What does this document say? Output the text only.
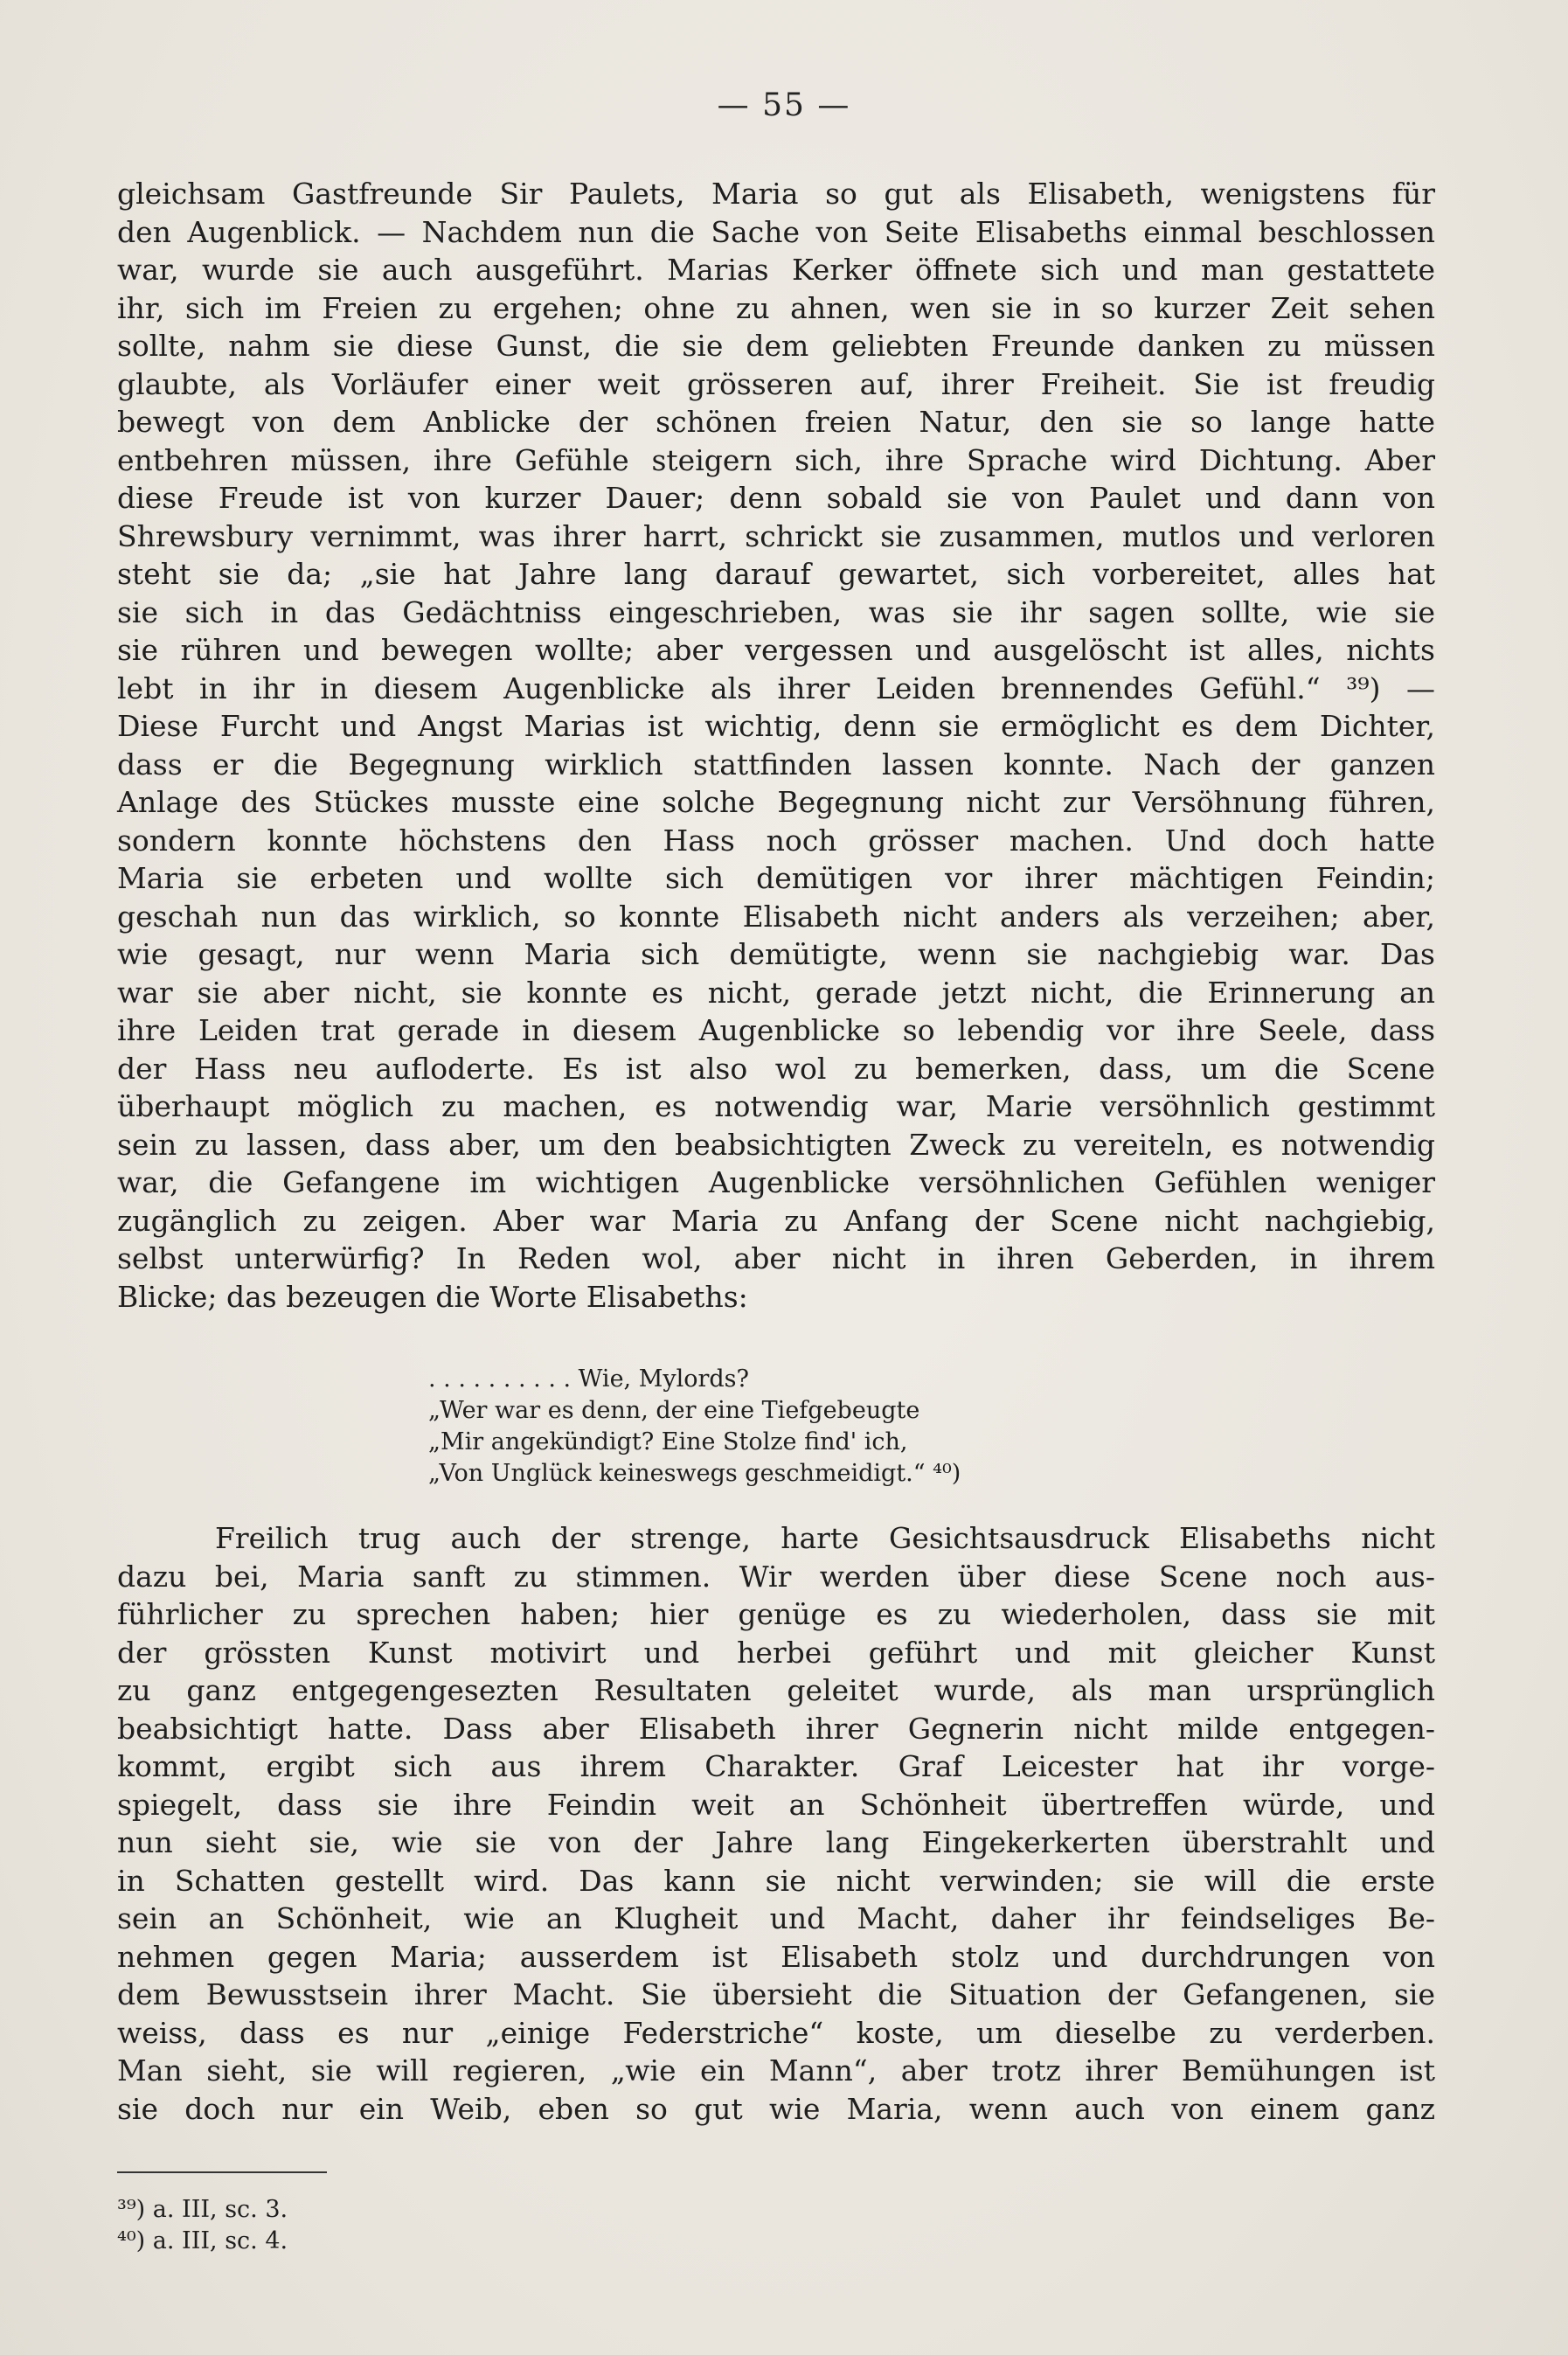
— 55 —
gleichsam Gastfreunde Sir Paulets, Maria so gut als Elisabeth, wenigstens für
den Augenblick. — Nachdem nun die Sache von Seite Elisabeths einmal beschlossen
war, wurde sie auch ausgeführt. Marias Kerker öffnete sich und man gestattete
ihr, sich im Freien zu ergehen; ohne zu ahnen, wen sie in so kurzer Zeit sehen
sollte, nahm sie diese Gunst, die sie dem geliebten Freunde danken zu müssen
glaubte, als Vorläufer einer weit grösseren auf, ihrer Freiheit. Sie ist freudig
bewegt von dem Anblicke der schönen freien Natur, den sie so lange hatte
entbehren müssen, ihre Gefühle steigern sich, ihre Sprache wird Dichtung. Aber
diese Freude ist von kurzer Dauer; denn sobald sie von Paulet und dann von
Shrewsbury vernimmt, was ihrer harrt, schrickt sie zusammen, mutlos und verloren
steht sie da; „sie hat Jahre lang darauf gewartet, sich vorbereitet, alles hat
sie sich in das Gedächtniss eingeschrieben, was sie ihr sagen sollte, wie sie
sie rühren und bewegen wollte; aber vergessen und ausgelöscht ist alles, nichts
lebt in ihr in diesem Augenblicke als ihrer Leiden brennendes Gefühl.“ ³⁹) —
Diese Furcht und Angst Marias ist wichtig, denn sie ermöglicht es dem Dichter,
dass er die Begegnung wirklich stattfinden lassen konnte. Nach der ganzen
Anlage des Stückes musste eine solche Begegnung nicht zur Versöhnung führen,
sondern konnte höchstens den Hass noch grösser machen. Und doch hatte
Maria sie erbeten und wollte sich demütigen vor ihrer mächtigen Feindin;
geschah nun das wirklich, so konnte Elisabeth nicht anders als verzeihen; aber,
wie gesagt, nur wenn Maria sich demütigte, wenn sie nachgiebig war. Das
war sie aber nicht, sie konnte es nicht, gerade jetzt nicht, die Erinnerung an
ihre Leiden trat gerade in diesem Augenblicke so lebendig vor ihre Seele, dass
der Hass neu aufloderte. Es ist also wol zu bemerken, dass, um die Scene
überhaupt möglich zu machen, es notwendig war, Marie versöhnlich gestimmt
sein zu lassen, dass aber, um den beabsichtigten Zweck zu vereiteln, es notwendig
war, die Gefangene im wichtigen Augenblicke versöhnlichen Gefühlen weniger
zugänglich zu zeigen. Aber war Maria zu Anfang der Scene nicht nachgiebig,
selbst unterwürfig? In Reden wol, aber nicht in ihren Geberden, in ihrem
Blicke; das bezeugen die Worte Elisabeths:
. . . . . . . . . . Wie, Mylords?
„Wer war es denn, der eine Tiefgebeugte
„Mir angekündigt? Eine Stolze find' ich,
„Von Unglück keineswegs geschmeidigt.“ ⁴⁰)
Freilich trug auch der strenge, harte Gesichtsausdruck Elisabeths nicht
dazu bei, Maria sanft zu stimmen. Wir werden über diese Scene noch aus-
führlicher zu sprechen haben; hier genüge es zu wiederholen, dass sie mit
der grössten Kunst motivirt und herbei geführt und mit gleicher Kunst
zu ganz entgegengesezten Resultaten geleitet wurde, als man ursprünglich
beabsichtigt hatte. Dass aber Elisabeth ihrer Gegnerin nicht milde entgegen-
kommt, ergibt sich aus ihrem Charakter. Graf Leicester hat ihr vorge-
spiegelt, dass sie ihre Feindin weit an Schönheit übertreffen würde, und
nun sieht sie, wie sie von der Jahre lang Eingekerkerten überstrahlt und
in Schatten gestellt wird. Das kann sie nicht verwinden; sie will die erste
sein an Schönheit, wie an Klugheit und Macht, daher ihr feindseliges Be-
nehmen gegen Maria; ausserdem ist Elisabeth stolz und durchdrungen von
dem Bewusstsein ihrer Macht. Sie übersieht die Situation der Gefangenen, sie
weiss, dass es nur „einige Federstriche“ koste, um dieselbe zu verderben.
Man sieht, sie will regieren, „wie ein Mann“, aber trotz ihrer Bemühungen ist
sie doch nur ein Weib, eben so gut wie Maria, wenn auch von einem ganz
³⁹) a. III, sc. 3.
⁴⁰) a. III, sc. 4.
